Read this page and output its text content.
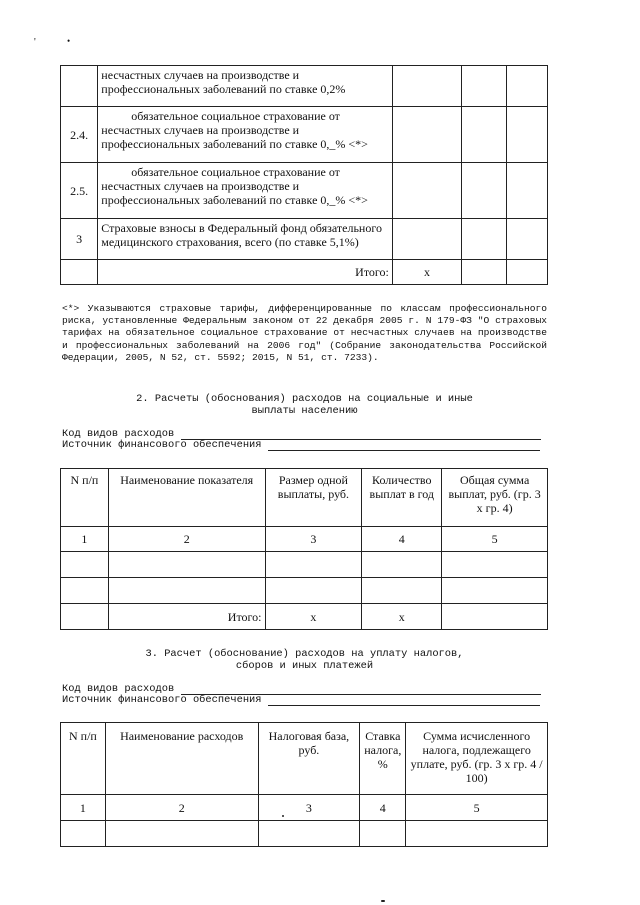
'	•
	несчастных случаев на производстве и профессиональных заболеваний по ставке 0,2%			
2.4.	обязательное социальное страхование от несчастных случаев на производстве и профессиональных заболеваний по ставке 0,_% <*>			
2.5.	обязательное социальное страхование от несчастных случаев на производстве и профессиональных заболеваний по ставке 0,_% <*>			
3	Страховые взносы в Федеральный фонд обязательного медицинского страхования, всего (по ставке 5,1%)			
	Итого:	x		
<*> Указываются страховые тарифы, дифференцированные по классам профессионального риска, установленные Федеральным законом от 22 декабря 2005 г. N 179-ФЗ "О страховых тарифах на обязательное социальное страхование от несчастных случаев на производстве и профессиональных заболеваний на 2006 год" (Собрание законодательства Российской Федерации, 2005, N 52, ст. 5592; 2015, N 51, ст. 7233).
2. Расчеты (обоснования) расходов на социальные и иные
выплаты населению
Код видов расходов
Источник финансового обеспечения
N п/п	Наименование показателя	Размер одной выплаты, руб.	Количество выплат в год	Общая сумма выплат, руб. (гр. 3 х гр. 4)
1	2	3	4	5

	Итого:	x	x	
3. Расчет (обоснование) расходов на уплату налогов,
сборов и иных платежей
Код видов расходов
Источник финансового обеспечения
N п/п	Наименование расходов	Налоговая база, руб.	Ставка налога, %	Сумма исчисленного налога, подлежащего уплате, руб. (гр. 3 х гр. 4 / 100)
1	2	3	4	5
